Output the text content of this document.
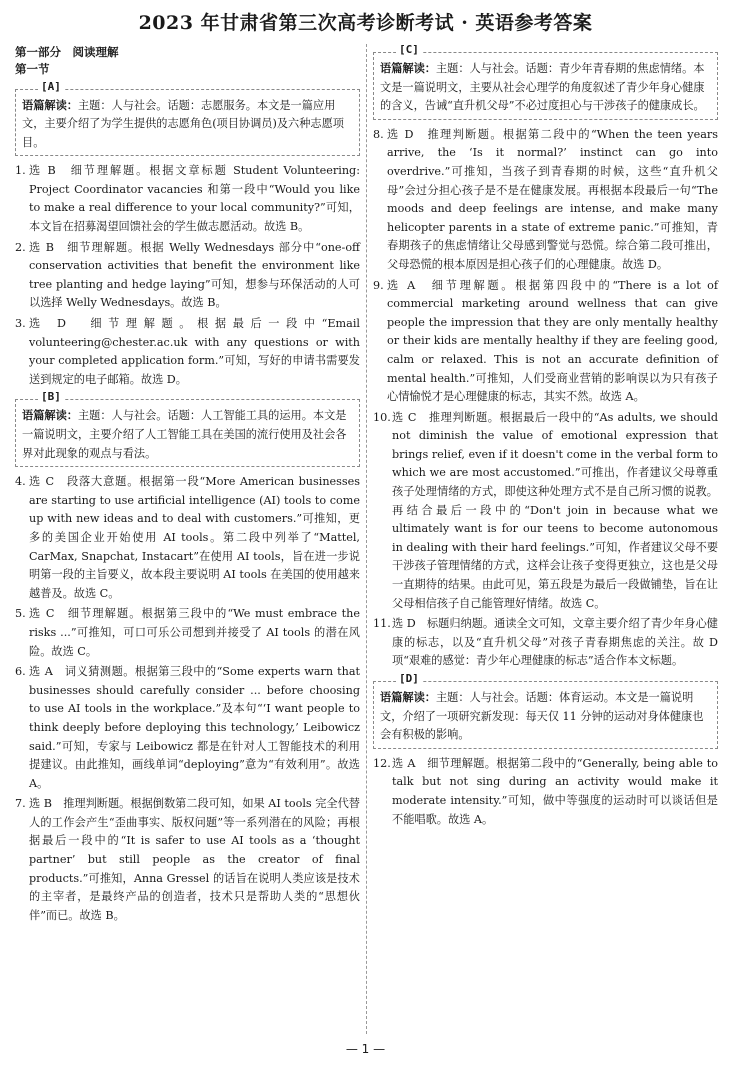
2023 年甘肃省第三次高考诊断考试 · 英语参考答案
第一部分　阅读理解
第一节
[A]
语篇解读：主题：人与社会。话题：志愿服务。本文是一篇应用文，主要介绍了为学生提供的志愿角色(项目协调员)及六种志愿项目。
1. 选 B　细节理解题。根据文章标题 Student Volunteering: Project Coordinator vacancies 和第一段中“Would you like to make a real difference to your local community?”可知，本文旨在招募渴望回馈社会的学生做志愿活动。故选 B。
2. 选 B　细节理解题。根据 Welly Wednesdays 部分中“one-off conservation activities that benefit the environment like tree planting and hedge laying”可知，想参与环保活动的人可以选择 Welly Wednesdays。故选 B。
3. 选 D　细节理解题。根据最后一段中“Email volunteering@chester.ac.uk with any questions or with your completed application form.”可知，写好的申请书需要发送到规定的电子邮箱。故选 D。
[B]
语篇解读：主题：人与社会。话题：人工智能工具的运用。本文是一篇说明文，主要介绍了人工智能工具在美国的流行使用及社会各界对此现象的观点与看法。
4. 选 C　段落大意题。根据第一段“More American businesses are starting to use artificial intelligence (AI) tools to come up with new ideas and to deal with customers.”可推知，更多的美国企业开始使用 AI tools。第二段中列举了“Mattel, CarMax, Snapchat, Instacart”在使用 AI tools，旨在进一步说明第一段的主旨要义，故本段主要说明 AI tools 在美国的使用越来越普及。故选 C。
5. 选 C　细节理解题。根据第三段中的“We must embrace the risks ...”可推知，可口可乐公司想到并接受了 AI tools 的潜在风险。故选 C。
6. 选 A　词义猜测题。根据第三段中的“Some experts warn that businesses should carefully consider ... before choosing to use AI tools in the workplace.”及本句“‘I want people to think deeply before deploying this technology,’ Leibowicz said.”可知，专家与 Leibowicz 都是在针对人工智能技术的利用提建议。由此推知，画线单词“deploying”意为“有效利用”。故选 A。
7. 选 B　推理判断题。根据倒数第二段可知，如果 AI tools 完全代替人的工作会产生“歪曲事实、版权问题”等一系列潜在的风险；再根据最后一段中的“It is safer to use AI tools as a ‘thought partner’ but still people as the creator of final products.”可推知，Anna Gressel 的话旨在说明人类应该是技术的主宰者，是最终产品的创造者，技术只是帮助人类的“思想伙伴”而已。故选 B。
[C]
语篇解读：主题：人与社会。话题：青少年青春期的焦虑情绪。本文是一篇说明文，主要从社会心理学的角度叙述了青少年身心健康的含义，告诫“直升机父母”不必过度担心与干涉孩子的健康成长。
8. 选 D　推理判断题。根据第二段中的“When the teen years arrive, the ‘Is it normal?’ instinct can go into overdrive.”可推知，当孩子到青春期的时候，这些“直升机父母”会过分担心孩子是不是在健康发展。再根据本段最后一句“The moods and deep feelings are intense, and make many helicopter parents in a state of extreme panic.”可推知，青春期孩子的焦虑情绪让父母感到警觉与恐慌。综合第二段可推出，父母恐慌的根本原因是担心孩子们的心理健康。故选 D。
9. 选 A　细节理解题。根据第四段中的“There is a lot of commercial marketing around wellness that can give people the impression that they are only mentally healthy or their kids are mentally healthy if they are feeling good, calm or relaxed. This is not an accurate definition of mental health.”可推知，人们受商业营销的影响误以为只有孩子心情愉悦才是心理健康的标志，其实不然。故选 A。
10. 选 C　推理判断题。根据最后一段中的“As adults, we should not diminish the value of emotional expression that brings relief, even if it doesn't come in the verbal form to which we are most accustomed.”可推出，作者建议父母尊重孩子处理情绪的方式，即使这种处理方式不是自己所习惯的说教。再结合最后一段中的“Don't join in because what we ultimately want is for our teens to become autonomous in dealing with their hard feelings.”可知，作者建议父母不要干涉孩子管理情绪的方式，这样会让孩子变得更独立，这也是父母一直期待的结果。由此可见，第五段是为最后一段做铺垫，旨在让父母相信孩子自己能管理好情绪。故选 C。
11. 选 D　标题归纳题。通读全文可知，文章主要介绍了青少年身心健康的标志，以及“直升机父母”对孩子青春期焦虑的关注。故 D 项“艰难的感觉：青少年心理健康的标志”适合作本文标题。
[D]
语篇解读：主题：人与社会。话题：体育运动。本文是一篇说明文，介绍了一项研究新发现：每天仅 11 分钟的运动对身体健康也会有积极的影响。
12. 选 A　细节理解题。根据第二段中的“Generally, being able to talk but not sing during an activity would make it moderate intensity.”可知，做中等强度的运动时可以谈话但是不能唱歌。故选 A。
— 1 —
